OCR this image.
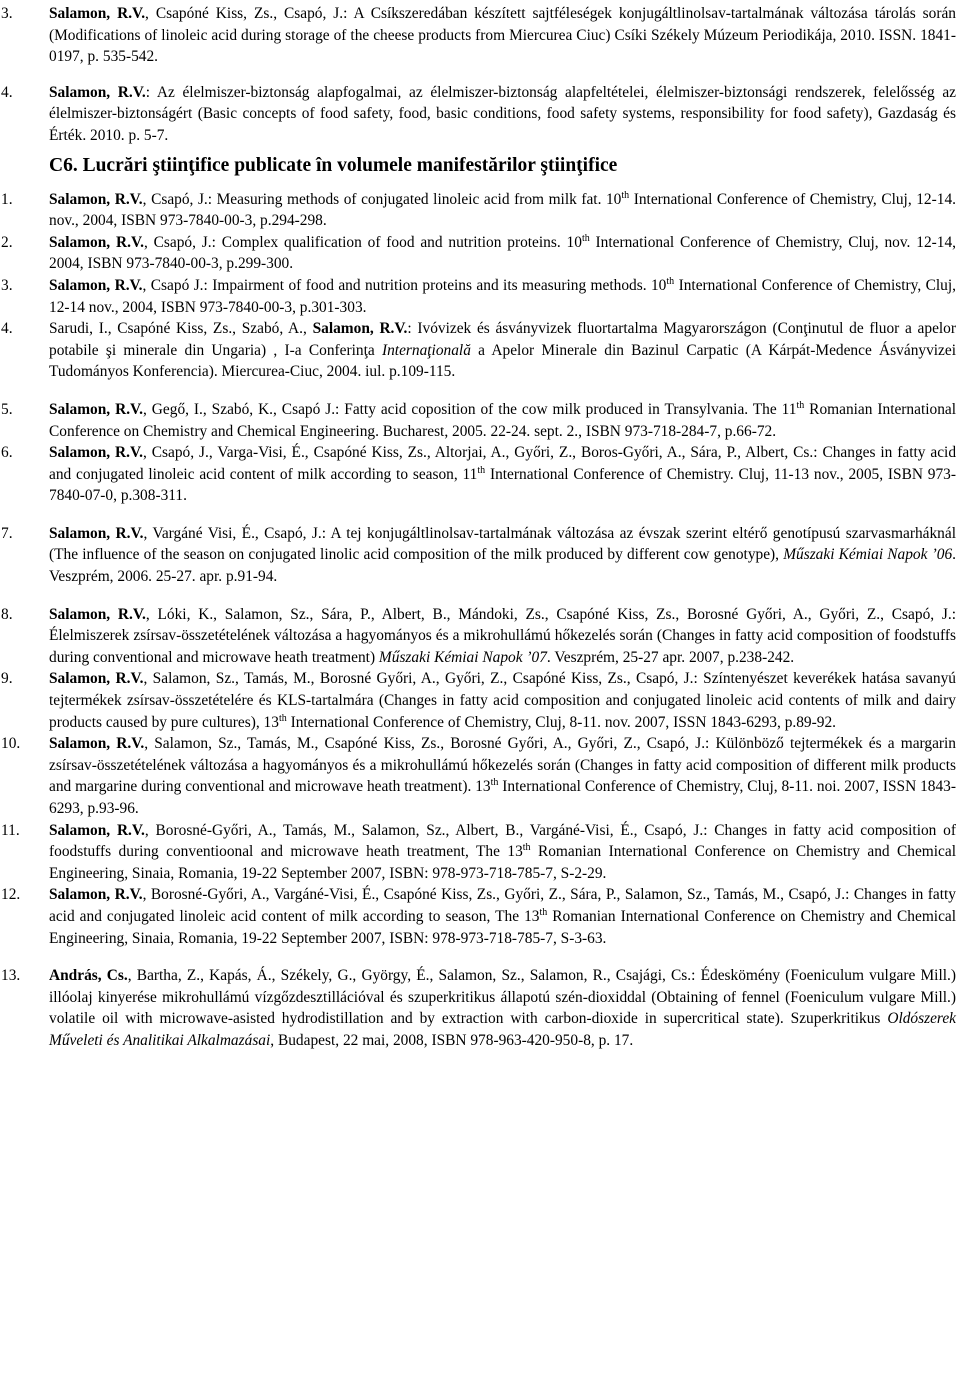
3.	Salamon, R.V., Csapóné Kiss, Zs., Csapó, J.: A Csíkszeredában készített sajtféleségek konjugáltlinolsav-tartalmának változása tárolás során (Modifications of linoleic acid during storage of the cheese products from Miercurea Ciuc) Csíki Székely Múzeum Periodikája, 2010. ISSN. 1841-0197, p. 535-542.
4.	Salamon, R.V.: Az élelmiszer-biztonság alapfogalmai, az élelmiszer-biztonság alapfeltételei, élelmiszer-biztonsági rendszerek, felelősség az élelmiszer-biztonságért (Basic concepts of food safety, food, basic conditions, food safety systems, responsibility for food safety), Gazdaság és Érték. 2010. p. 5-7.
C6. Lucrări ştiinţifice publicate în volumele manifestărilor ştiinţifice
1.	Salamon, R.V., Csapó, J.: Measuring methods of conjugated linoleic acid from milk fat. 10th International Conference of Chemistry, Cluj, 12-14. nov., 2004, ISBN 973-7840-00-3, p.294-298.
2.	Salamon, R.V., Csapó, J.: Complex qualification of food and nutrition proteins. 10th International Conference of Chemistry, Cluj, nov. 12-14, 2004, ISBN 973-7840-00-3, p.299-300.
3.	Salamon, R.V., Csapó J.: Impairment of food and nutrition proteins and its measuring methods. 10th International Conference of Chemistry, Cluj, 12-14 nov., 2004, ISBN 973-7840-00-3, p.301-303.
4.	Sarudi, I., Csapóné Kiss, Zs., Szabó, A., Salamon, R.V.: Ivóvizek és ásványvizek fluortartalma Magyarországon (Conţinutul de fluor a apelor potabile şi minerale din Ungaria) , I-a Conferinţa Internaţională a Apelor Minerale din Bazinul Carpatic (A Kárpát-Medence Ásványvizei Tudományos Konferencia). Miercurea-Ciuc, 2004. iul. p.109-115.
5.	Salamon, R.V., Gegő, I., Szabó, K., Csapó J.: Fatty acid coposition of the cow milk produced in Transylvania. The 11th Romanian International Conference on Chemistry and Chemical Engineering. Bucharest, 2005. 22-24. sept. 2., ISBN 973-718-284-7, p.66-72.
6.	Salamon, R.V., Csapó, J., Varga-Visi, É., Csapóné Kiss, Zs., Altorjai, A., Győri, Z., Boros-Győri, A., Sára, P., Albert, Cs.: Changes in fatty acid and conjugated linoleic acid content of milk according to season, 11th International Conference of Chemistry. Cluj, 11-13 nov., 2005, ISBN 973-7840-07-0, p.308-311.
7.	Salamon, R.V., Vargáné Visi, É., Csapó, J.: A tej konjugáltlinolsav-tartalmának változása az évszak szerint eltérő genotípusú szarvasmarháknál (The influence of the season on conjugated linolic acid composition of the milk produced by different cow genotype), Műszaki Kémiai Napok ’06. Veszprém, 2006. 25-27. apr. p.91-94.
8.	Salamon, R.V., Lóki, K., Salamon, Sz., Sára, P., Albert, B., Mándoki, Zs., Csapóné Kiss, Zs., Borosné Győri, A., Győri, Z., Csapó, J.: Élelmiszerek zsírsav-összetételének változása a hagyományos és a mikrohullámú hőkezelés során (Changes in fatty acid composition of foodstuffs during conventional and microwave heath treatment) Műszaki Kémiai Napok ’07. Veszprém, 25-27 apr. 2007, p.238-242.
9.	Salamon, R.V., Salamon, Sz., Tamás, M., Borosné Győri, A., Győri, Z., Csapóné Kiss, Zs., Csapó, J.: Színtenyészet keverékek hatása savanyú tejtermékek zsírsav-összetételére és KLS-tartalmára (Changes in fatty acid composition and conjugated linoleic acid contents of milk and dairy products caused by pure cultures), 13th International Conference of Chemistry, Cluj, 8-11. nov. 2007, ISSN 1843-6293, p.89-92.
10.	Salamon, R.V., Salamon, Sz., Tamás, M., Csapóné Kiss, Zs., Borosné Győri, A., Győri, Z., Csapó, J.: Különböző tejtermékek és a margarin zsírsav-összetételének változása a hagyományos és a mikrohullámú hőkezelés során (Changes in fatty acid composition of different milk products and margarine during conventional and microwave heath treatment). 13th International Conference of Chemistry, Cluj, 8-11. noi. 2007, ISSN 1843-6293, p.93-96.
11.	Salamon, R.V., Borosné-Győri, A., Tamás, M., Salamon, Sz., Albert, B., Vargáné-Visi, É., Csapó, J.: Changes in fatty acid composition of foodstuffs during conventioonal and microwave heath treatment, The 13th Romanian International Conference on Chemistry and Chemical Engineering, Sinaia, Romania, 19-22 September 2007, ISBN: 978-973-718-785-7, S-2-29.
12.	Salamon, R.V., Borosné-Győri, A., Vargáné-Visi, É., Csapóné Kiss, Zs., Győri, Z., Sára, P., Salamon, Sz., Tamás, M., Csapó, J.: Changes in fatty acid and conjugated linoleic acid content of milk according to season, The 13th Romanian International Conference on Chemistry and Chemical Engineering, Sinaia, Romania, 19-22 September 2007, ISBN: 978-973-718-785-7, S-3-63.
13.	András, Cs., Bartha, Z., Kapás, Á., Székely, G., György, É., Salamon, Sz., Salamon, R., Csajági, Cs.: Édeskömény (Foeniculum vulgare Mill.) illóolaj kinyerése mikrohullámú vízgőzdesztillációval és szuperkritikus állapotú szén-dioxiddal (Obtaining of fennel (Foeniculum vulgare Mill.) volatile oil with microwave-asisted hydrodistillation and by extraction with carbon-dioxide in supercritical state). Szuperkritikus Oldószerek Műveleti és Analitikai Alkalmazásai, Budapest, 22 mai, 2008, ISBN 978-963-420-950-8, p. 17.
